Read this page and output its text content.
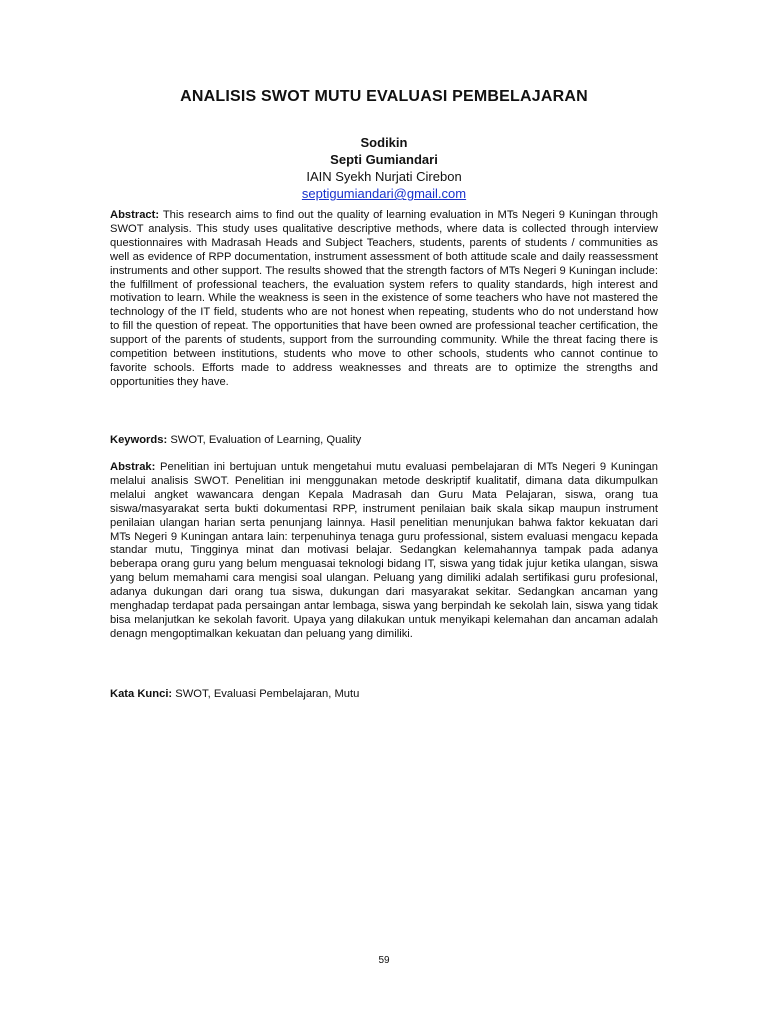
ANALISIS SWOT MUTU EVALUASI PEMBELAJARAN
Sodikin
Septi Gumiandari
IAIN Syekh Nurjati Cirebon
septigumiandari@gmail.com
Abstract: This research aims to find out the quality of learning evaluation in MTs Negeri 9 Kuningan through SWOT analysis. This study uses qualitative descriptive methods, where data is collected through interview questionnaires with Madrasah Heads and Subject Teachers, students, parents of students / communities as well as evidence of RPP documentation, instrument assessment of both attitude scale and daily reassessment instruments and other support. The results showed that the strength factors of MTs Negeri 9 Kuningan include: the fulfillment of professional teachers, the evaluation system refers to quality standards, high interest and motivation to learn. While the weakness is seen in the existence of some teachers who have not mastered the technology of the IT field, students who are not honest when repeating, students who do not understand how to fill the question of repeat. The opportunities that have been owned are professional teacher certification, the support of the parents of students, support from the surrounding community. While the threat facing there is competition between institutions, students who move to other schools, students who cannot continue to favorite schools. Efforts made to address weaknesses and threats are to optimize the strengths and opportunities they have.
Keywords: SWOT, Evaluation of Learning, Quality
Abstrak: Penelitian ini bertujuan untuk mengetahui mutu evaluasi pembelajaran di MTs Negeri 9 Kuningan melalui analisis SWOT. Penelitian ini menggunakan metode deskriptif kualitatif, dimana data dikumpulkan melalui angket wawancara dengan Kepala Madrasah dan Guru Mata Pelajaran, siswa, orang tua siswa/masyarakat serta bukti dokumentasi RPP, instrument penilaian baik skala sikap maupun instrument penilaian ulangan harian serta penunjang lainnya. Hasil penelitian menunjukan bahwa faktor kekuatan dari MTs Negeri 9 Kuningan antara lain: terpenuhinya tenaga guru professional, sistem evaluasi mengacu kepada standar mutu, Tingginya minat dan motivasi belajar. Sedangkan kelemahannya tampak pada adanya beberapa orang guru yang belum menguasai teknologi bidang IT, siswa yang tidak jujur ketika ulangan, siswa yang belum memahami cara mengisi soal ulangan. Peluang yang dimiliki adalah sertifikasi guru profesional, adanya dukungan dari orang tua siswa, dukungan dari masyarakat sekitar. Sedangkan ancaman yang menghadap terdapat pada persaingan antar lembaga, siswa yang berpindah ke sekolah lain, siswa yang tidak bisa melanjutkan ke sekolah favorit. Upaya yang dilakukan untuk menyikapi kelemahan dan ancaman adalah denagn mengoptimalkan kekuatan dan peluang yang dimiliki.
Kata Kunci: SWOT, Evaluasi Pembelajaran, Mutu
59
